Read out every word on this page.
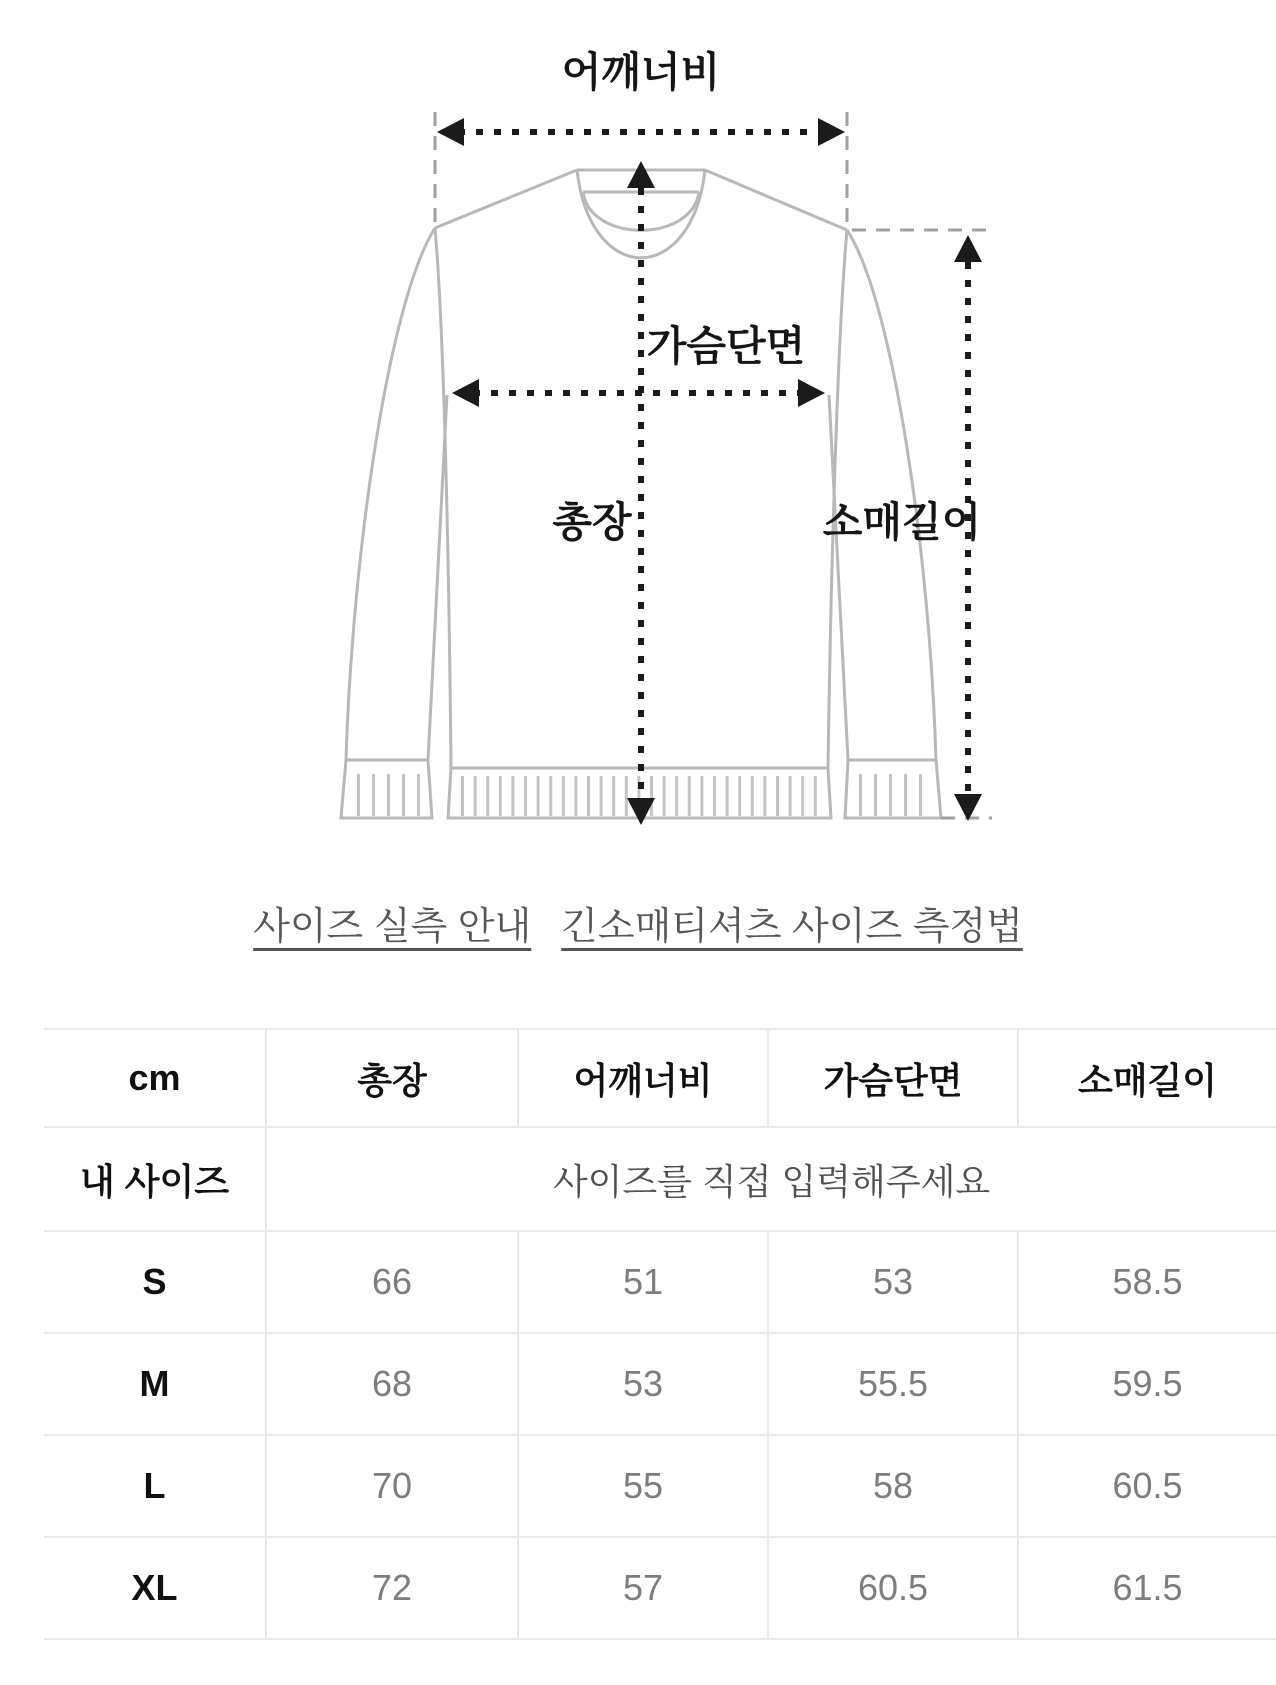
어깨너비
가슴단면
총장	소매길이
사이즈 실측 안내 긴소매티셔츠 사이즈 측정법
cm	총장	어깨너비	가슴단면	소매길이
내 사이즈	사이즈를 직접 입력해주세요			
S	66	51	53	58.5
M	68	53	55.5	59.5
L	70	55	58	60.5
XL	72	57	60.5	61.5
